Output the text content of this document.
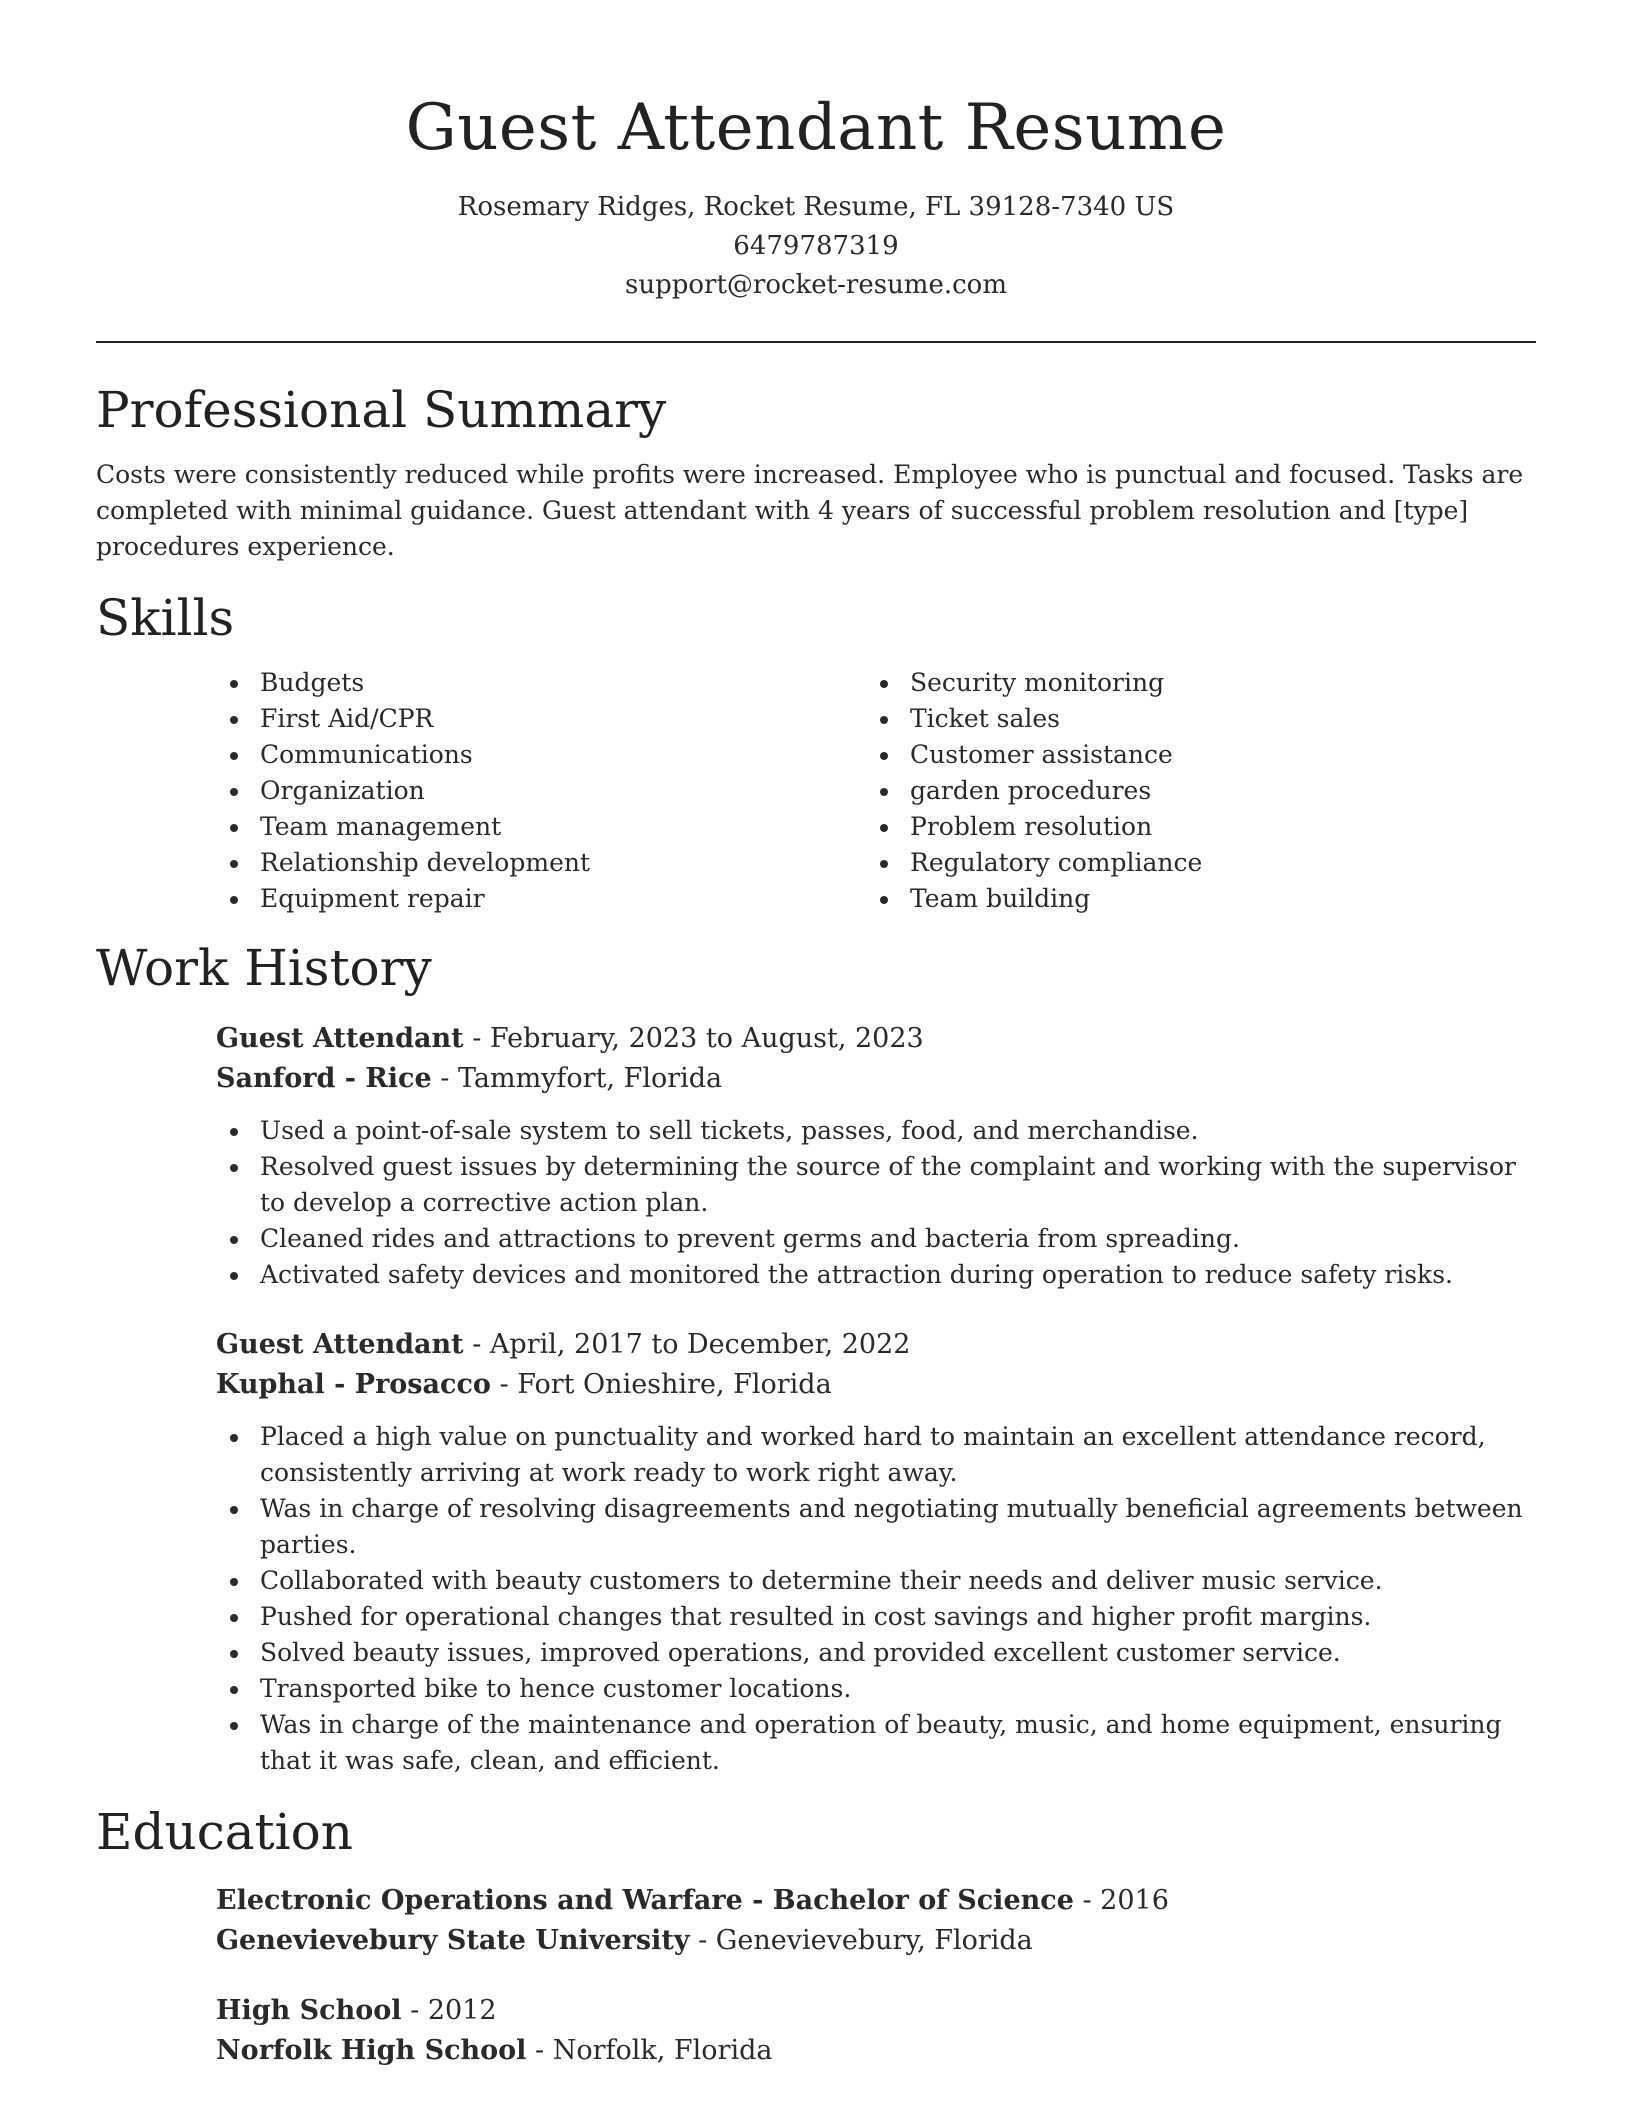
Guest Attendant Resume
Rosemary Ridges, Rocket Resume, FL 39128-7340 US
6479787319
support@rocket-resume.com
Professional Summary

Costs were consistently reduced while profits were increased. Employee who is punctual and focused. Tasks are completed with minimal guidance. Guest attendant with 4 years of successful problem resolution and [type] procedures experience.

Skills
Budgets
First Aid/CPR
Communications
Organization
Team management
Relationship development
Equipment repair
Security monitoring
Ticket sales
Customer assistance
garden procedures
Problem resolution
Regulatory compliance
Team building
Work History
Guest Attendant - February, 2023 to August, 2023
Sanford - Rice - Tammyfort, Florida
Used a point-of-sale system to sell tickets, passes, food, and merchandise.
Resolved guest issues by determining the source of the complaint and working with the supervisor to develop a corrective action plan.
Cleaned rides and attractions to prevent germs and bacteria from spreading.
Activated safety devices and monitored the attraction during operation to reduce safety risks.
Guest Attendant - April, 2017 to December, 2022
Kuphal - Prosacco - Fort Onieshire, Florida
Placed a high value on punctuality and worked hard to maintain an excellent attendance record, consistently arriving at work ready to work right away.
Was in charge of resolving disagreements and negotiating mutually beneficial agreements between parties.
Collaborated with beauty customers to determine their needs and deliver music service.
Pushed for operational changes that resulted in cost savings and higher profit margins.
Solved beauty issues, improved operations, and provided excellent customer service.
Transported bike to hence customer locations.
Was in charge of the maintenance and operation of beauty, music, and home equipment, ensuring that it was safe, clean, and efficient.
Education
Electronic Operations and Warfare - Bachelor of Science - 2016
Genevievebury State University - Genevievebury, Florida
High School - 2012
Norfolk High School - Norfolk, Florida
